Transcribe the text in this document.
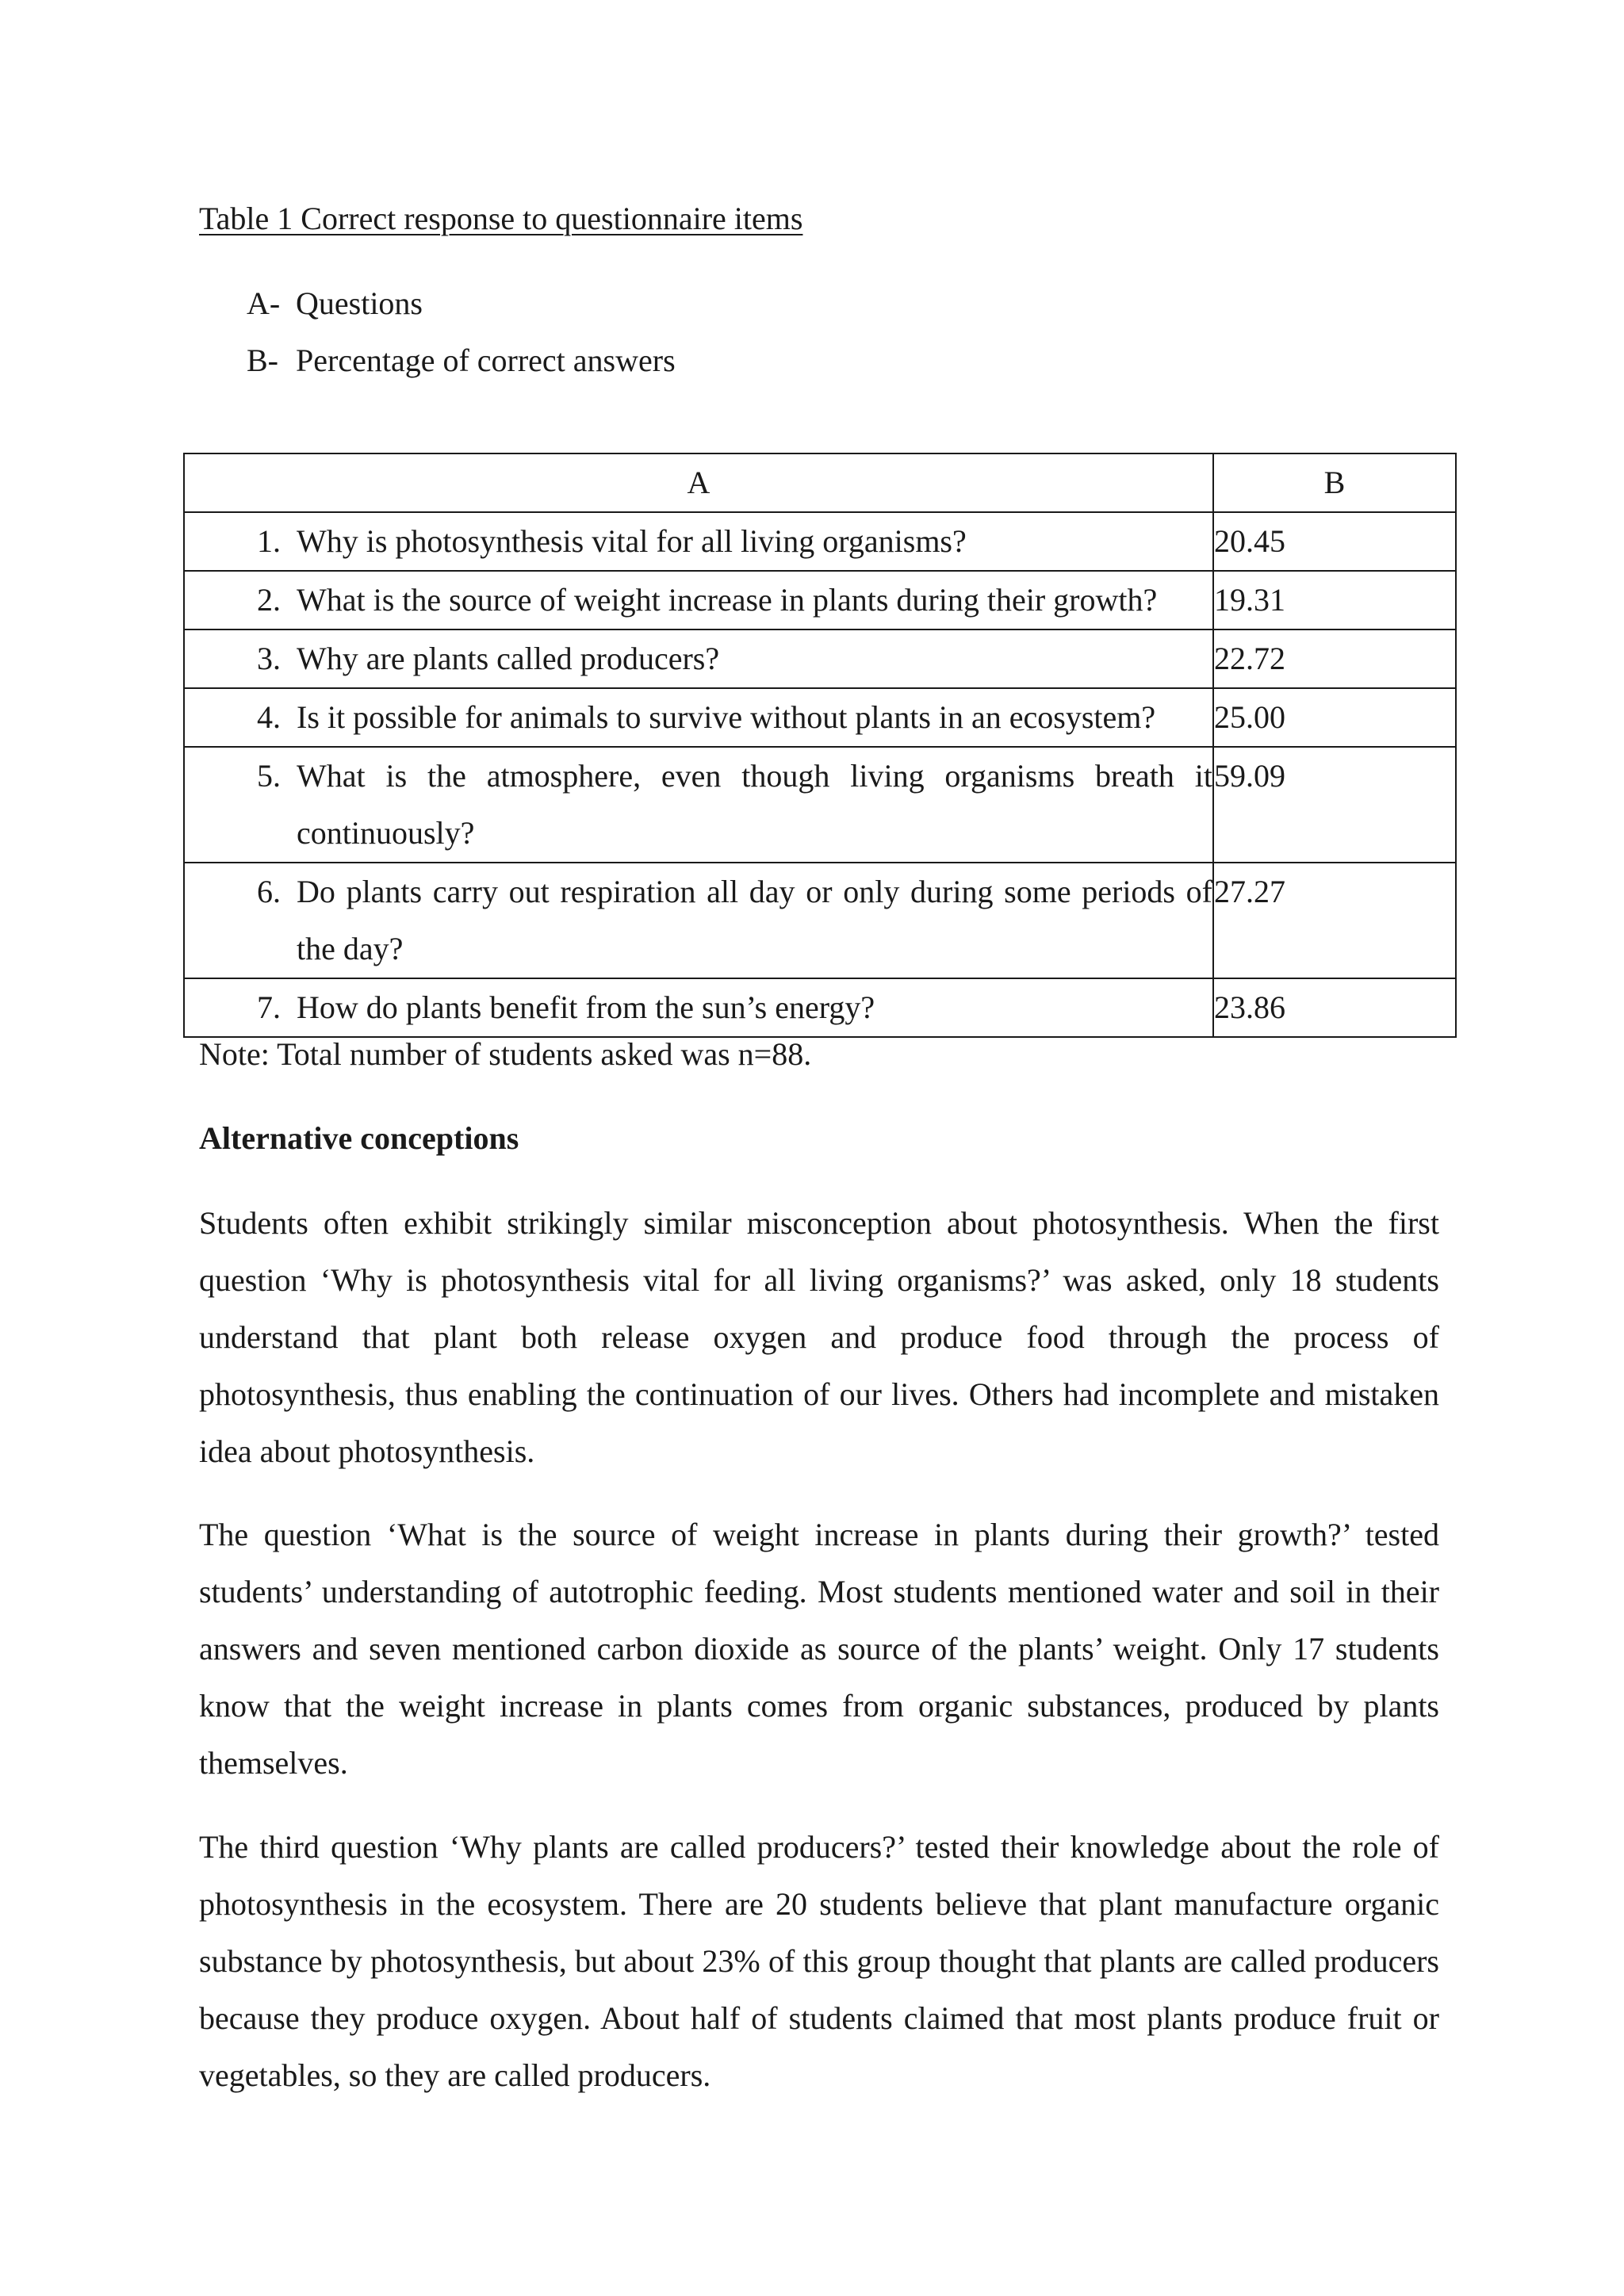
Table 1 Correct response to questionnaire items
A- Questions
B- Percentage of correct answers
A	B

1. Why is photosynthesis vital for all living organisms?	20.45

2. What is the source of weight increase in plants during their growth?	19.31

3. Why are plants called producers?	22.72

4. Is it possible for animals to survive without plants in an ecosystem?	25.00

5. What is the atmosphere, even though living organisms breath it continuously?	59.09

6. Do plants carry out respiration all day or only during some periods of the day?	27.27

7. How do plants benefit from the sun’s energy?	23.86
Note: Total number of students asked was n=88.
Alternative conceptions

Students often exhibit strikingly similar misconception about photosynthesis. When the first question ‘Why is photosynthesis vital for all living organisms?’ was asked, only 18 students understand that plant both release oxygen and produce food through the process of photosynthesis, thus enabling the continuation of our lives. Others had incomplete and mistaken idea about photosynthesis.

The question ‘What is the source of weight increase in plants during their growth?’ tested students’ understanding of autotrophic feeding. Most students mentioned water and soil in their answers and seven mentioned carbon dioxide as source of the plants’ weight. Only 17 students know that the weight increase in plants comes from organic substances, produced by plants themselves.

The third question ‘Why plants are called producers?’ tested their knowledge about the role of photosynthesis in the ecosystem. There are 20 students believe that plant manufacture organic substance by photosynthesis, but about 23% of this group thought that plants are called producers because they produce oxygen. About half of students claimed that most plants produce fruit or vegetables, so they are called producers.
